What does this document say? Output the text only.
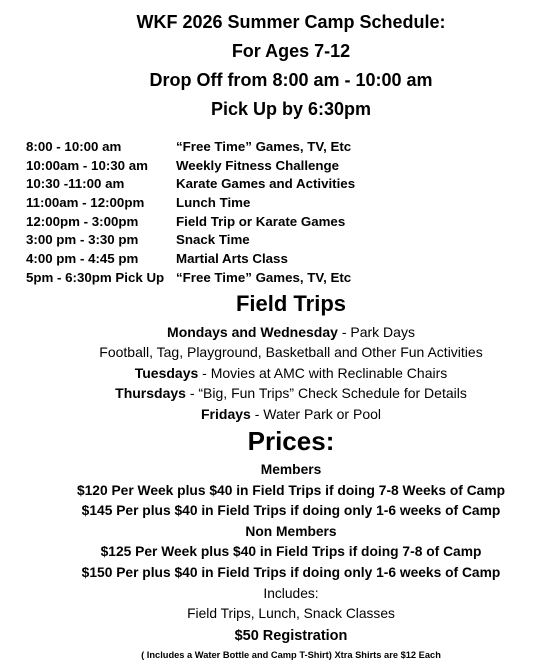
WKF 2026 Summer Camp Schedule:
For Ages 7-12
Drop Off from 8:00 am - 10:00 am
Pick Up by 6:30pm
8:00 - 10:00 am	“Free Time” Games, TV, Etc
10:00am - 10:30 am	Weekly Fitness Challenge
10:30 -11:00 am	Karate Games and Activities
11:00am - 12:00pm	Lunch Time
12:00pm - 3:00pm	Field Trip or Karate Games
3:00 pm - 3:30 pm	Snack Time
4:00 pm - 4:45 pm	Martial Arts Class
5pm - 6:30pm Pick Up “Free Time” Games, TV, Etc
Field Trips
Mondays and Wednesday - Park Days
Football, Tag, Playground, Basketball and Other Fun Activities
Tuesdays - Movies at AMC with Reclinable Chairs
Thursdays - “Big, Fun Trips” Check Schedule for Details
Fridays - Water Park or Pool
Prices:
Members
$120 Per Week plus $40 in Field Trips if doing 7-8 Weeks of Camp
$145 Per plus $40 in Field Trips if doing only 1-6 weeks of Camp
Non Members
$125 Per Week plus $40 in Field Trips if doing 7-8 of Camp
$150 Per plus $40 in Field Trips if doing only 1-6 weeks of Camp
Includes:
Field Trips, Lunch, Snack Classes
$50 Registration
( Includes a Water Bottle and Camp T-Shirt) Xtra Shirts are $12 Each
